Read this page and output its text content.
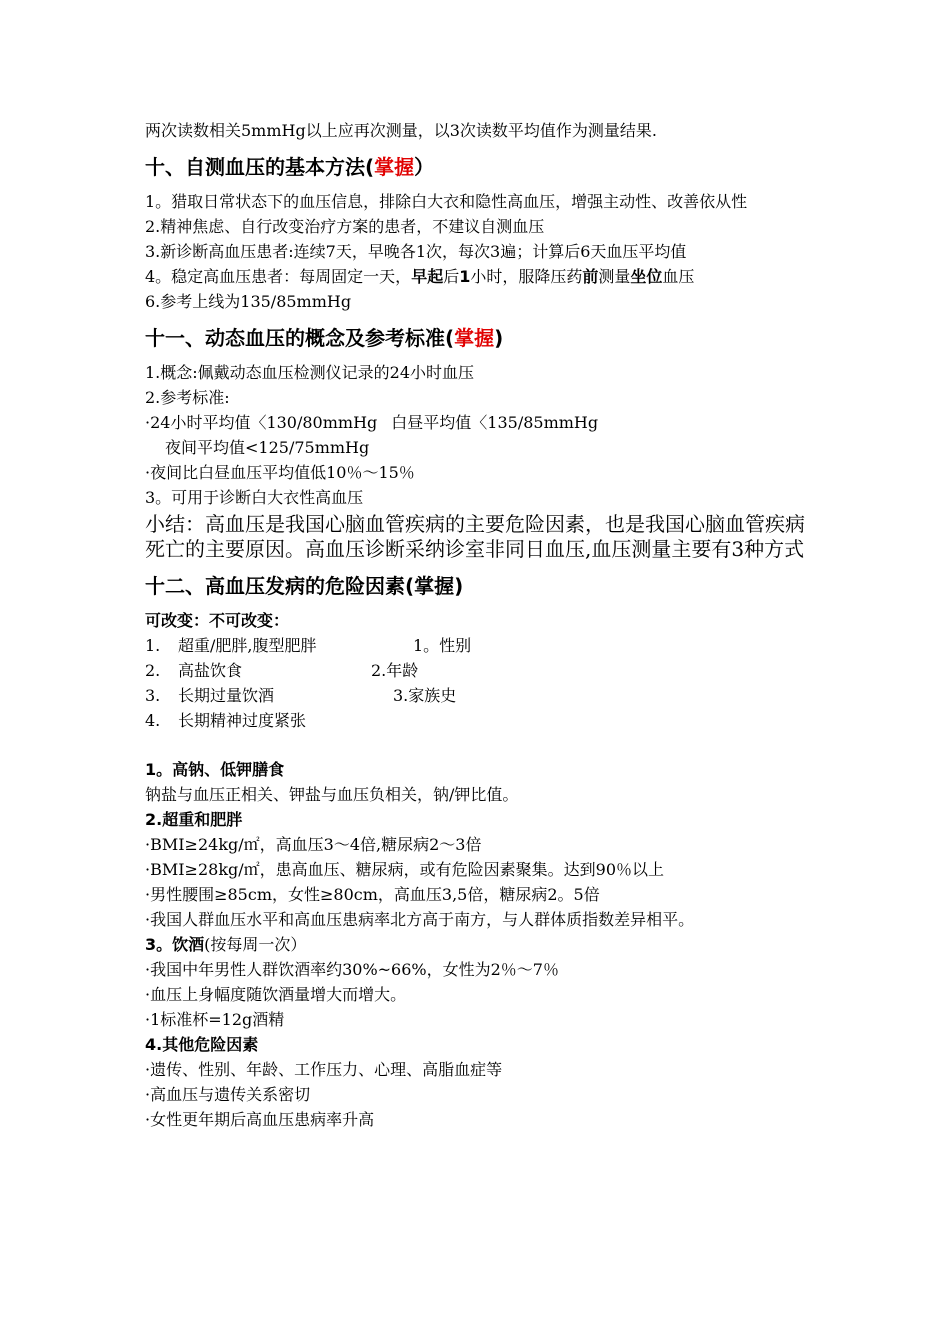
两次读数相关5mmHg以上应再次测量，以3次读数平均值作为测量结果.

十、自测血压的基本方法(掌握）

1。猎取日常状态下的血压信息，排除白大衣和隐性高血压，增强主动性、改善依从性

2.精神焦虑、自行改变治疗方案的患者，不建议自测血压

3.新诊断高血压患者:连续7天，早晚各1次，每次3遍；计算后6天血压平均值

4。稳定高血压患者：每周固定一天，早起后1小时，服降压药前测量坐位血压

6.参考上线为135/85mmHg

十一、动态血压的概念及参考标准(掌握)

1.概念:佩戴动态血压检测仪记录的24小时血压

2.参考标准:

·24小时平均值〈130/80mmHg 白昼平均值〈135/85mmHg

夜间平均值<125/75mmHg

·夜间比白昼血压平均值低10％～15％

3。可用于诊断白大衣性高血压

小结：高血压是我国心脑血管疾病的主要危险因素，也是我国心脑血管疾病死亡的主要原因。高血压诊断采纳诊室非同日血压,血压测量主要有3种方式

十二、高血压发病的危险因素(掌握)

可改变：不可改变：

1. 超重/肥胖,腹型肥胖	1。性别
2. 高盐饮食	2.年龄
3. 长期过量饮酒	3.家族史
4. 长期精神过度紧张

1。高钠、低钾膳食

钠盐与血压正相关、钾盐与血压负相关，钠/钾比值。

2.超重和肥胖

·BMI≥24kg/㎡，高血压3～4倍,糖尿病2～3倍

·BMI≥28kg/㎡，患高血压、糖尿病，或有危险因素聚集。达到90％以上

·男性腰围≥85cm，女性≥80cm，高血压3,5倍，糖尿病2。5倍

·我国人群血压水平和高血压患病率北方高于南方，与人群体质指数差异相平。

3。饮酒(按每周一次）

·我国中年男性人群饮酒率约30%~66%，女性为2％～7％

·血压上身幅度随饮酒量增大而增大。

·1标准杯=12g酒精

4.其他危险因素

·遗传、性别、年龄、工作压力、心理、高脂血症等

·高血压与遗传关系密切

·女性更年期后高血压患病率升高
